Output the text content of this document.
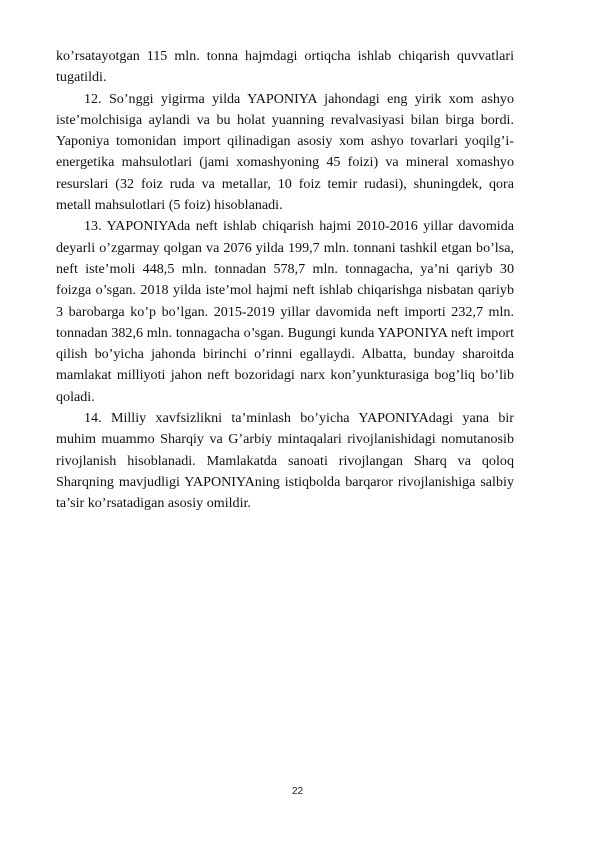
ko’rsatayotgan 115 mln. tonna hajmdagi ortiqcha ishlab chiqarish quvvatlari tugatildi.

12. So’nggi yigirma yilda YAPONIYA jahondagi eng yirik xom ashyo iste’molchisiga aylandi va bu holat yuanning revalvasiyasi bilan birga bordi. Yaponiya tomonidan import qilinadigan asosiy xom ashyo tovarlari yoqilg’i-energetika mahsulotlari (jami xomashyoning 45 foizi) va mineral xomashyo resurslari (32 foiz ruda va metallar, 10 foiz temir rudasi), shuningdek, qora metall mahsulotlari (5 foiz) hisoblanadi.

13. YAPONIYAda neft ishlab chiqarish hajmi 2010-2016 yillar davomida deyarli o’zgarmay qolgan va 2076 yilda 199,7 mln. tonnani tashkil etgan bo’lsa, neft iste’moli 448,5 mln. tonnadan 578,7 mln. tonnagacha, ya’ni qariyb 30 foizga o’sgan. 2018 yilda iste’mol hajmi neft ishlab chiqarishga nisbatan qariyb 3 barobarga ko’p bo’lgan. 2015-2019 yillar davomida neft importi 232,7 mln. tonnadan 382,6 mln. tonnagacha o’sgan. Bugungi kunda YAPONIYA neft import qilish bo’yicha jahonda birinchi o’rinni egallaydi. Albatta, bunday sharoitda mamlakat milliyoti jahon neft bozoridagi narx kon’yunkturasiga bog’liq bo’lib qoladi.

14. Milliy xavfsizlikni ta’minlash bo’yicha YAPONIYAdagi yana bir muhim muammo Sharqiy va G’arbiy mintaqalari rivojlanishidagi nomutanosib rivojlanish hisoblanadi. Mamlakatda sanoati rivojlangan Sharq va qoloq Sharqning mavjudligi YAPONIYAning istiqbolda barqaror rivojlanishiga salbiy ta’sir ko’rsatadigan asosiy omildir.

22
